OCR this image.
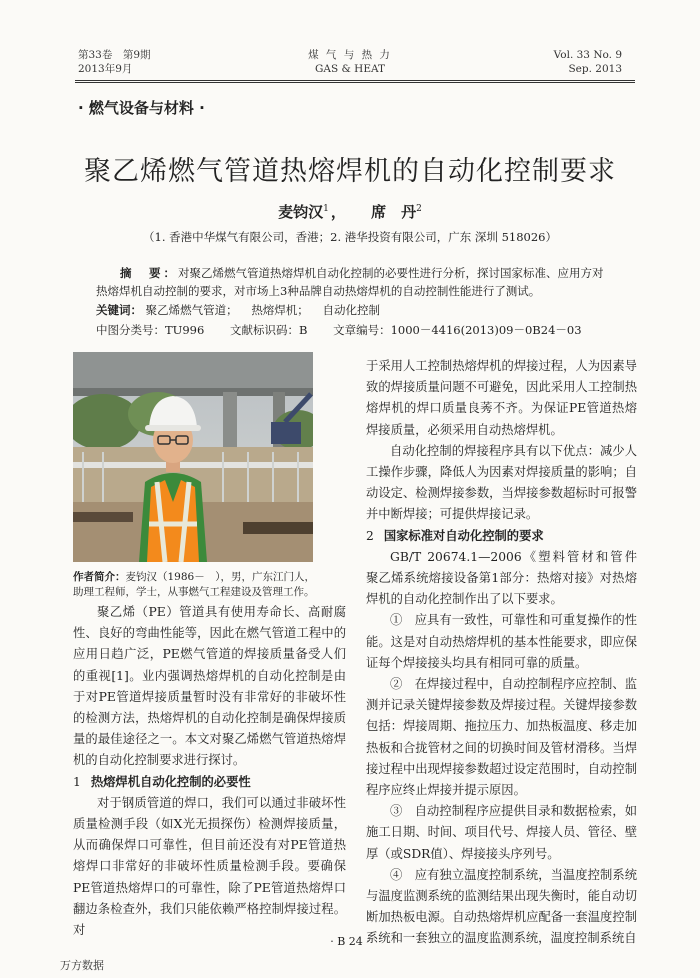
第33卷　第9期
2013年9月
煤 气 与 热 力
GAS & HEAT
Vol. 33 No. 9
Sep. 2013
· 燃气设备与材料 ·
聚乙烯燃气管道热熔焊机的自动化控制要求
麦钧汉$^1$ ， 席　丹$^2$
（1. 香港中华煤气有限公司，香港；2. 港华投资有限公司，广东 深圳 518026）

摘　要：对聚乙烯燃气管道热熔焊机自动化控制的必要性进行分析，探讨国家标准、应用方对热熔焊机自动控制的要求，对市场上3种品牌自动热熔焊机的自动控制性能进行了测试。

关键词： 聚乙烯燃气管道； 热熔焊机； 自动化控制
中图分类号：TU996 文献标识码：B 文章编号：1000－4416(2013)09－0B24－03
作者简介：麦钧汉（1986－　），男，广东江门人，助理工程师，学士，从事燃气工程建设及管理工作。

聚乙烯（PE）管道具有使用寿命长、高耐腐性、良好的弯曲性能等，因此在燃气管道工程中的应用日趋广泛，PE燃气管道的焊接质量备受人们的重视[1]。业内强调热熔焊机的自动化控制是由于对PE管道焊接质量暂时没有非常好的非破坏性的检测方法，热熔焊机的自动化控制是确保焊接质量的最佳途径之一。本文对聚乙烯燃气管道热熔焊机的自动化控制要求进行探讨。

1 热熔焊机自动化控制的必要性

对于钢质管道的焊口，我们可以通过非破坏性质量检测手段（如X光无损探伤）检测焊接质量，从而确保焊口可靠性，但目前还没有对PE管道热熔焊口非常好的非破坏性质量检测手段。要确保PE管道热熔焊口的可靠性，除了PE管道热熔焊口翻边条检查外，我们只能依赖严格控制焊接过程。对

于采用人工控制热熔焊机的焊接过程，人为因素导致的焊接质量问题不可避免，因此采用人工控制热熔焊机的焊口质量良莠不齐。为保证PE管道热熔焊接质量，必须采用自动热熔焊机。

自动化控制的焊接程序具有以下优点：减少人工操作步骤，降低人为因素对焊接质量的影响；自动设定、检测焊接参数，当焊接参数超标时可报警并中断焊接；可提供焊接记录。

2 国家标准对自动化控制的要求

GB/T 20674.1—2006《塑料管材和管件　聚乙烯系统熔接设备第1部分：热熔对接》对热熔焊机的自动化控制作出了以下要求。

①　应具有一致性，可靠性和可重复操作的性能。这是对自动热熔焊机的基本性能要求，即应保证每个焊接接头均具有相同可靠的质量。

②　在焊接过程中，自动控制程序应控制、监测并记录关键焊接参数及焊接过程。关键焊接参数包括：焊接周期、拖拉压力、加热板温度、移走加热板和合拢管材之间的切换时间及管材滑移。当焊接过程中出现焊接参数超过设定范围时，自动控制程序应终止焊接并提示原因。

③　自动控制程序应提供目录和数据检索，如施工日期、时间、项目代号、焊接人员、管径、壁厚（或SDR值）、焊接接头序列号。

④　应有独立温度控制系统，当温度控制系统与温度监测系统的监测结果出现失衡时，能自动切断加热板电源。自动热熔焊机应配备一套温度控制系统和一套独立的温度监测系统，温度控制系统自

· B 24 ·
万方数据
